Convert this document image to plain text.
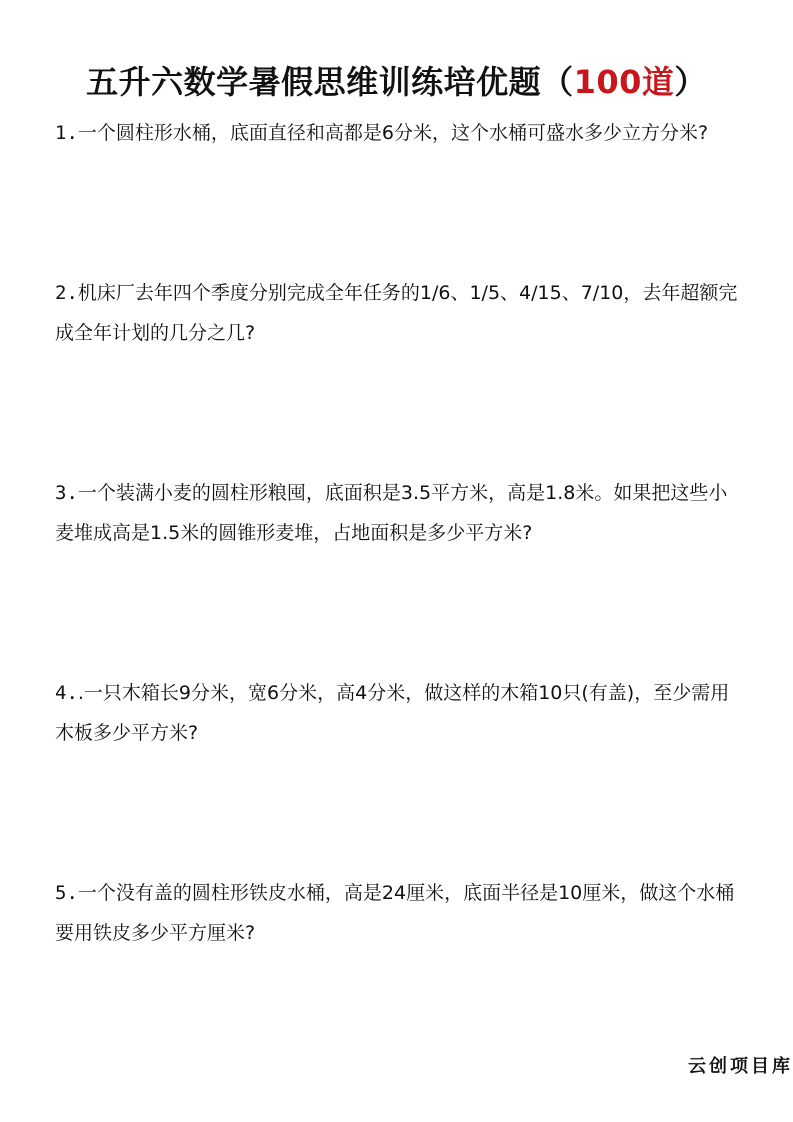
五升六数学暑假思维训练培优题（100道）
1.一个圆柱形水桶，底面直径和高都是6分米，这个水桶可盛水多少立方分米?
2.机床厂去年四个季度分别完成全年任务的1/6、1/5、4/15、7/10，去年超额完成全年计划的几分之几?
3.一个装满小麦的圆柱形粮囤，底面积是3.5平方米，高是1.8米。如果把这些小麦堆成高是1.5米的圆锥形麦堆，占地面积是多少平方米?
4..一只木箱长9分米，宽6分米，高4分米，做这样的木箱10只(有盖)，至少需用木板多少平方米?
5.一个没有盖的圆柱形铁皮水桶，高是24厘米，底面半径是10厘米，做这个水桶要用铁皮多少平方厘米?
云创项目库
